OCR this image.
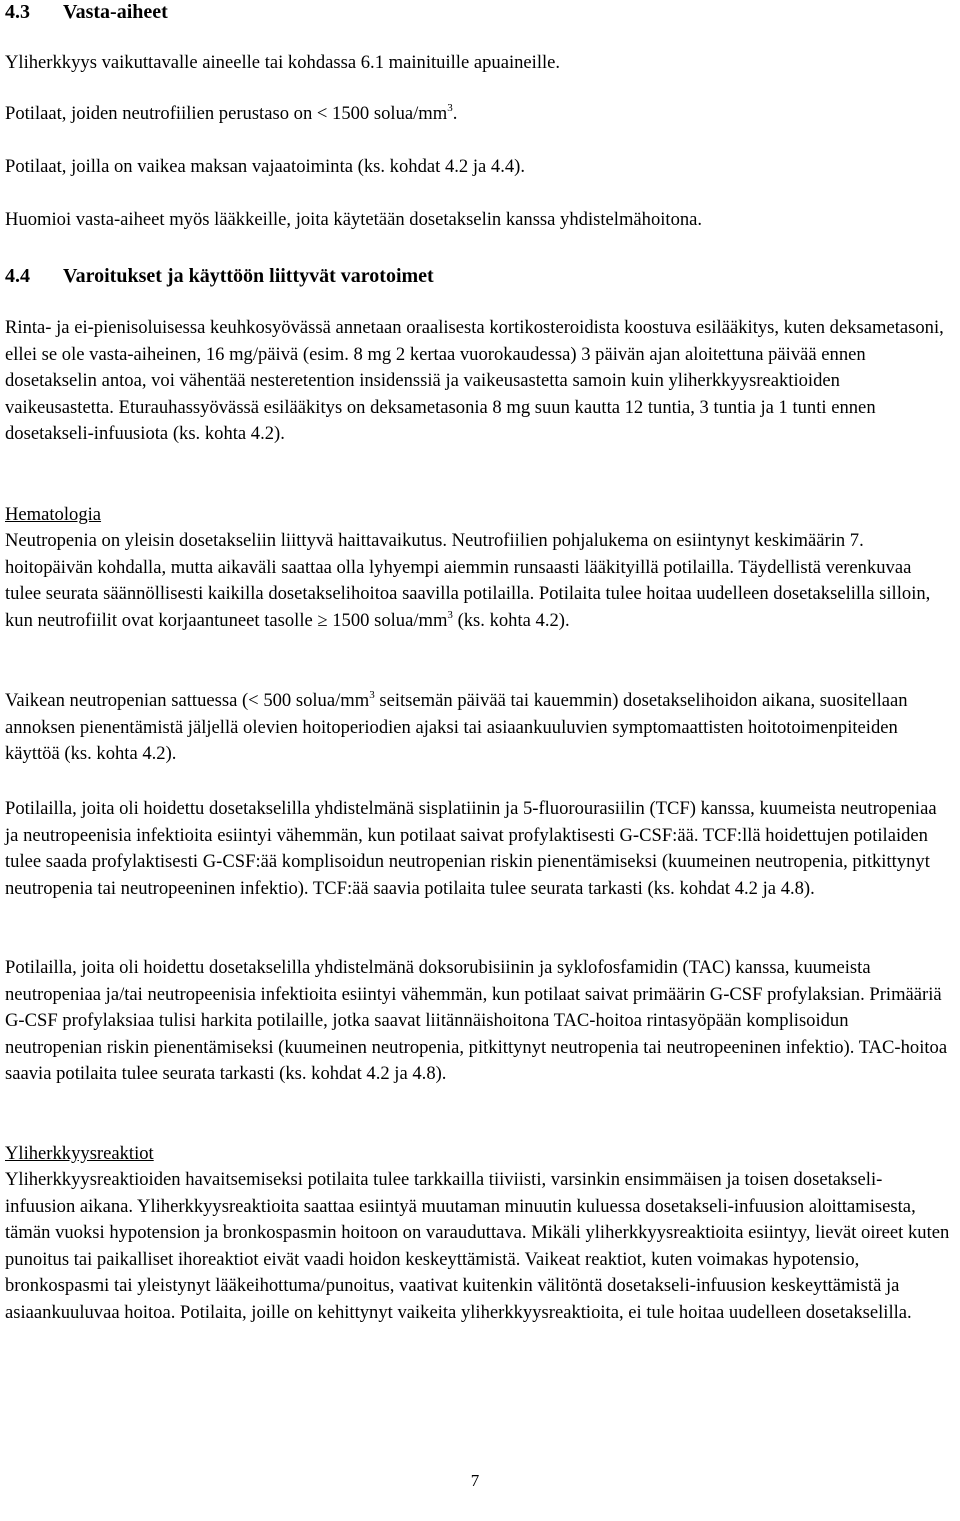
4.3 Vasta-aiheet

Yliherkkyys vaikuttavalle aineelle tai kohdassa 6.1 mainituille apuaineille.

Potilaat, joiden neutrofiilien perustaso on < 1500 solua/$mm^3$.

Potilaat, joilla on vaikea maksan vajaatoiminta (ks. kohdat 4.2 ja 4.4).

Huomioi vasta-aiheet myös lääkkeille, joita käytetään dosetakselin kanssa yhdistelmähoitona.

4.4 Varoitukset ja käyttöön liittyvät varotoimet

Rinta- ja ei-pienisoluisessa keuhkosyövässä annetaan oraalisesta kortikosteroidista koostuva esilääkitys, kuten deksametasoni, ellei se ole vasta-aiheinen, 16 mg/päivä (esim. 8 mg 2 kertaa vuorokaudessa) 3 päivän ajan aloitettuna päivää ennen dosetakselin antoa, voi vähentää nesteretention insidenssiä ja vaikeusastetta samoin kuin yliherkkyysreaktioiden vaikeusastetta. Eturauhassyövässä esilääkitys on deksametasonia 8 mg suun kautta 12 tuntia, 3 tuntia ja 1 tunti ennen dosetakseli-infuusiota (ks. kohta 4.2).

Hematologia

Neutropenia on yleisin dosetakseliin liittyvä haittavaikutus. Neutrofiilien pohjalukema on esiintynyt keskimäärin 7. hoitopäivän kohdalla, mutta aikaväli saattaa olla lyhyempi aiemmin runsaasti lääkityillä potilailla. Täydellistä verenkuvaa tulee seurata säännöllisesti kaikilla dosetakselihoitoa saavilla potilailla. Potilaita tulee hoitaa uudelleen dosetakselilla silloin, kun neutrofiilit ovat korjaantuneet tasolle ≥ 1500 solua/$mm^3$ (ks. kohta 4.2).

Vaikean neutropenian sattuessa (< 500 solua/$mm^3$ seitsemän päivää tai kauemmin) dosetakselihoidon aikana, suositellaan annoksen pienentämistä jäljellä olevien hoitoperiodien ajaksi tai asiaankuuluvien symptomaattisten hoitotoimenpiteiden käyttöä (ks. kohta 4.2).

Potilailla, joita oli hoidettu dosetakselilla yhdistelmänä sisplatiinin ja 5-fluorourasiilin (TCF) kanssa, kuumeista neutropeniaa ja neutropeenisia infektioita esiintyi vähemmän, kun potilaat saivat profylaktisesti G-CSF:ää. TCF:llä hoidettujen potilaiden tulee saada profylaktisesti G-CSF:ää komplisoidun neutropenian riskin pienentämiseksi (kuumeinen neutropenia, pitkittynyt neutropenia tai neutropeeninen infektio). TCF:ää saavia potilaita tulee seurata tarkasti (ks. kohdat 4.2 ja 4.8).

Potilailla, joita oli hoidettu dosetakselilla yhdistelmänä doksorubisiinin ja syklofosfamidin (TAC) kanssa, kuumeista neutropeniaa ja/tai neutropeenisia infektioita esiintyi vähemmän, kun potilaat saivat primäärin G-CSF profylaksian. Primääriä G-CSF profylaksiaa tulisi harkita potilaille, jotka saavat liitännäishoitona TAC-hoitoa rintasyöpään komplisoidun neutropenian riskin pienentämiseksi (kuumeinen neutropenia, pitkittynyt neutropenia tai neutropeeninen infektio). TAC-hoitoa saavia potilaita tulee seurata tarkasti (ks. kohdat 4.2 ja 4.8).

Yliherkkyysreaktiot

Yliherkkyysreaktioiden havaitsemiseksi potilaita tulee tarkkailla tiiviisti, varsinkin ensimmäisen ja toisen dosetakseli-infuusion aikana. Yliherkkyysreaktioita saattaa esiintyä muutaman minuutin kuluessa dosetakseli-infuusion aloittamisesta, tämän vuoksi hypotension ja bronkospasmin hoitoon on varauduttava. Mikäli yliherkkyysreaktioita esiintyy, lievät oireet kuten punoitus tai paikalliset ihoreaktiot eivät vaadi hoidon keskeyttämistä. Vaikeat reaktiot, kuten voimakas hypotensio, bronkospasmi tai yleistynyt lääkeihottuma/punoitus, vaativat kuitenkin välitöntä dosetakseli-infuusion keskeyttämistä ja asiaankuuluvaa hoitoa. Potilaita, joille on kehittynyt vaikeita yliherkkyysreaktioita, ei tule hoitaa uudelleen dosetakselilla.

7
